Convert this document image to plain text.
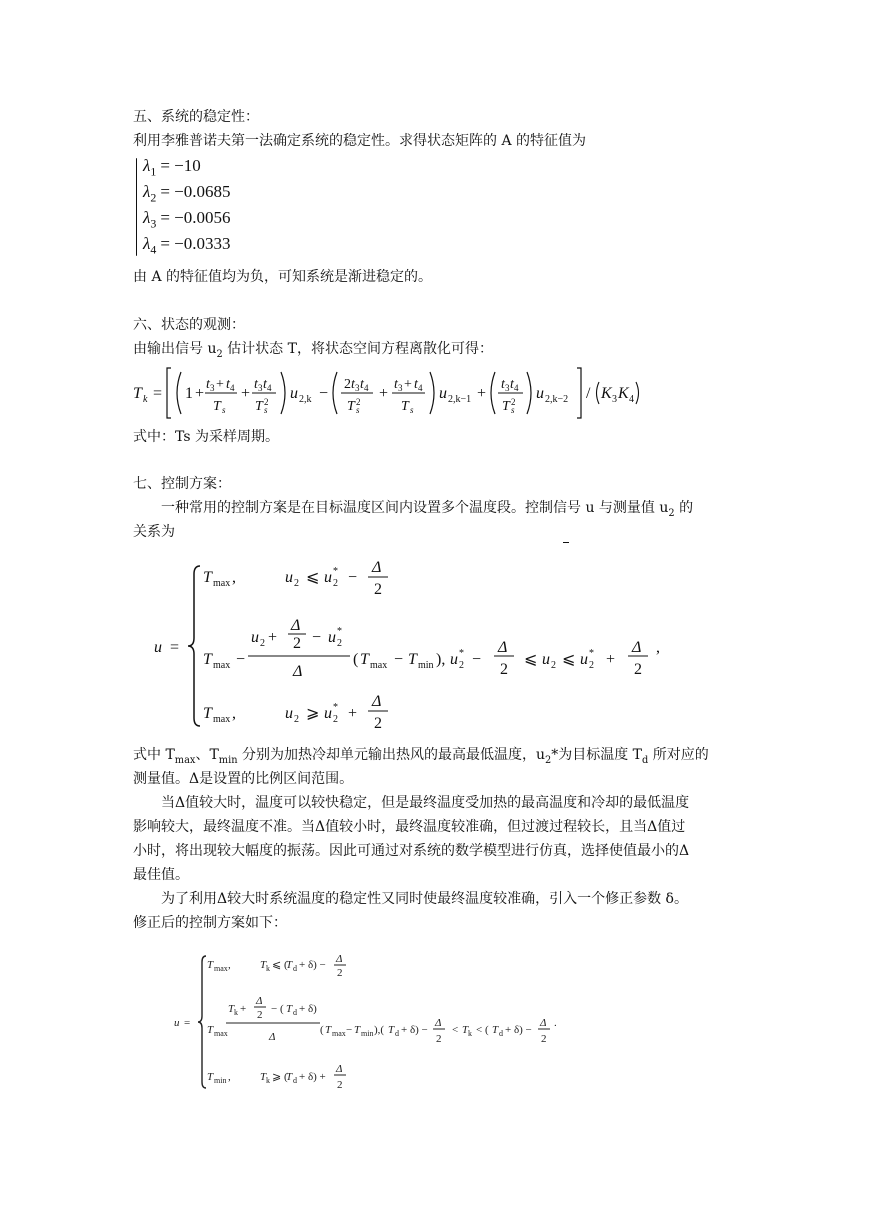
五、系统的稳定性：
利用李雅普诺夫第一法确定系统的稳定性。求得状态矩阵的 A 的特征值为
$\lambda_1 = -10$
$\lambda_2 = -0.0685$
$\lambda_3 = -0.0056$
$\lambda_4 = -0.0333$
由 A 的特征值均为负，可知系统是渐进稳定的。
六、状态的观测：
由输出信号 $u_2$ 估计状态 T，将状态空间方程离散化可得：
T k = 1 +
t 3 + t 4
T s
+
t 3 t 4
T s
2 u 2,k −
2 t 3 t 4
T s
2 +
t 3 + t 4
T s
u 2,k−1 +
t 3 t 4
T s
2 u 2,k−2 / K 3 K 4
式中：Ts 为采样周期。
七、控制方案：
一种常用的控制方案是在目标温度区间内设置多个温度段。控制信号 u 与测量值 $u_2$ 的
关系为
u =
T max ,	u 2 ⩽ u 2
* −
Δ
2
T max −
u 2 +
Δ
2 − u 2
*
Δ
( T max − T min ), u 2
* −
Δ
2
⩽ u 2 ⩽ u 2
* +
Δ
2
,
T max ,	u 2 ⩾ u 2
* +
Δ
2
式中 $T_{max}$、$T_{min}$ 分别为加热冷却单元输出热风的最高最低温度，$u_2*$为目标温度 $T_d$ 所对应的
测量值。Δ是设置的比例区间范围。
当Δ值较大时，温度可以较快稳定，但是最终温度受加热的最高温度和冷却的最低温度
影响较大，最终温度不准。当Δ值较小时，最终温度较准确，但过渡过程较长，且当Δ值过
小时，将出现较大幅度的振荡。因此可通过对系统的数学模型进行仿真，选择使值最小的Δ
最佳值。
为了利用Δ较大时系统温度的稳定性又同时使最终温度较准确，引入一个修正参数 δ。
修正后的控制方案如下：
u =
T max ,	T k ⩽ (
T d + δ) − Δ
2
T max
T k +
Δ
2 − ( T d + δ)
Δ
( T max − T min ),( T d + δ) −
Δ
2
< T k < ( T d + δ) −
Δ
2
.
T min ,	T k ⩾ (
T d + δ) +
Δ
2
